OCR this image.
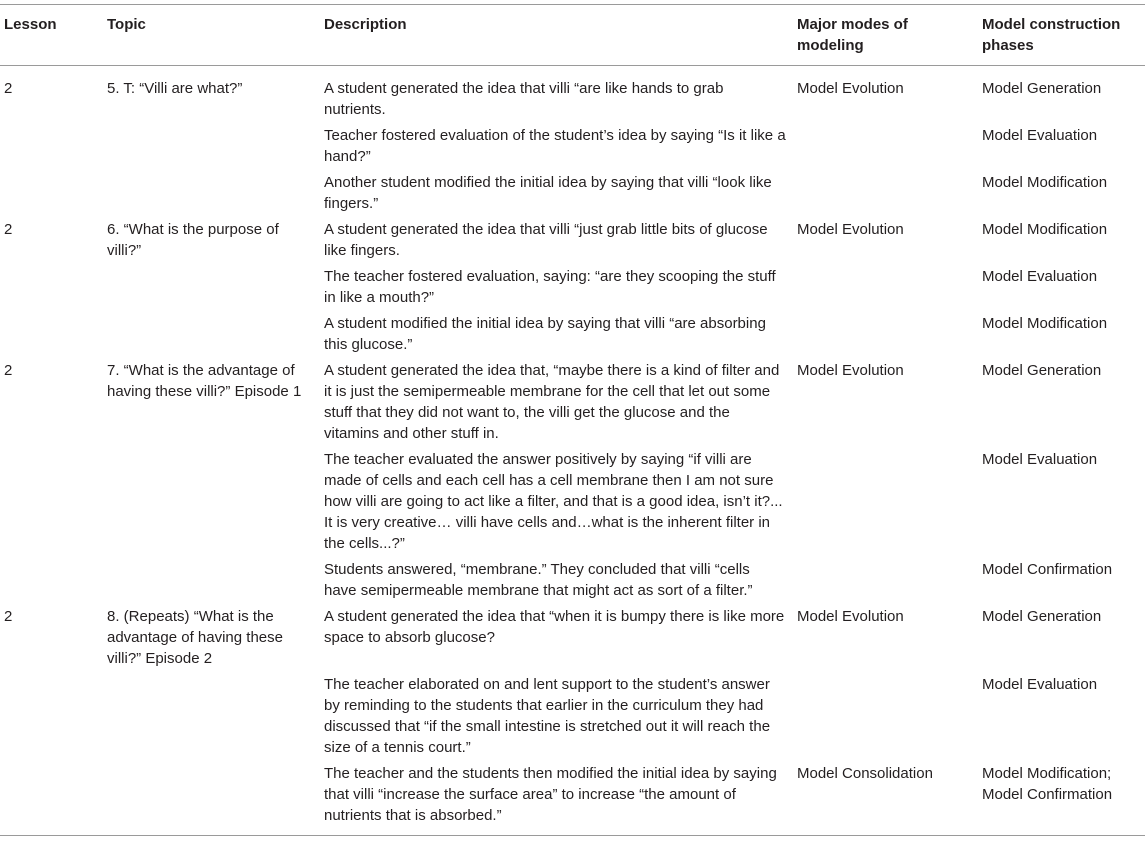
Lesson	Topic	Description	Major modes of modeling	Model construction phases
2	5. T: “Villi are what?”	A student generated the idea that villi “are like hands to grab nutrients.	Model Evolution	Model Generation
		Teacher fostered evaluation of the student’s idea by saying “Is it like a hand?”		Model Evaluation
		Another student modified the initial idea by saying that villi “look like fingers.”		Model Modification
2	6. “What is the purpose of villi?”	A student generated the idea that villi “just grab little bits of glucose like fingers.	Model Evolution	Model Modification
		The teacher fostered evaluation, saying: “are they scooping the stuff in like a mouth?”		Model Evaluation
		A student modified the initial idea by saying that villi “are absorbing this glucose.”		Model Modification
2	7. “What is the advantage of having these villi?” Episode 1	A student generated the idea that, “maybe there is a kind of filter and it is just the semipermeable membrane for the cell that let out some stuff that they did not want to, the villi get the glucose and the vitamins and other stuff in.	Model Evolution	Model Generation
		The teacher evaluated the answer positively by saying “if villi are made of cells and each cell has a cell membrane then I am not sure how villi are going to act like a filter, and that is a good idea, isn’t it?... It is very creative… villi have cells and…what is the inherent filter in the cells...?”		Model Evaluation
		Students answered, “membrane.” They concluded that villi “cells have semipermeable membrane that might act as sort of a filter.”		Model Confirmation
2	8. (Repeats) “What is the advantage of having these villi?” Episode 2	A student generated the idea that “when it is bumpy there is like more space to absorb glucose?	Model Evolution	Model Generation
		The teacher elaborated on and lent support to the student’s answer by reminding to the students that earlier in the curriculum they had discussed that “if the small intestine is stretched out it will reach the size of a tennis court.”		Model Evaluation
		The teacher and the students then modified the initial idea by saying that villi “increase the surface area” to increase “the amount of nutrients that is absorbed.”	Model Consolidation	Model Modification; Model Confirmation
